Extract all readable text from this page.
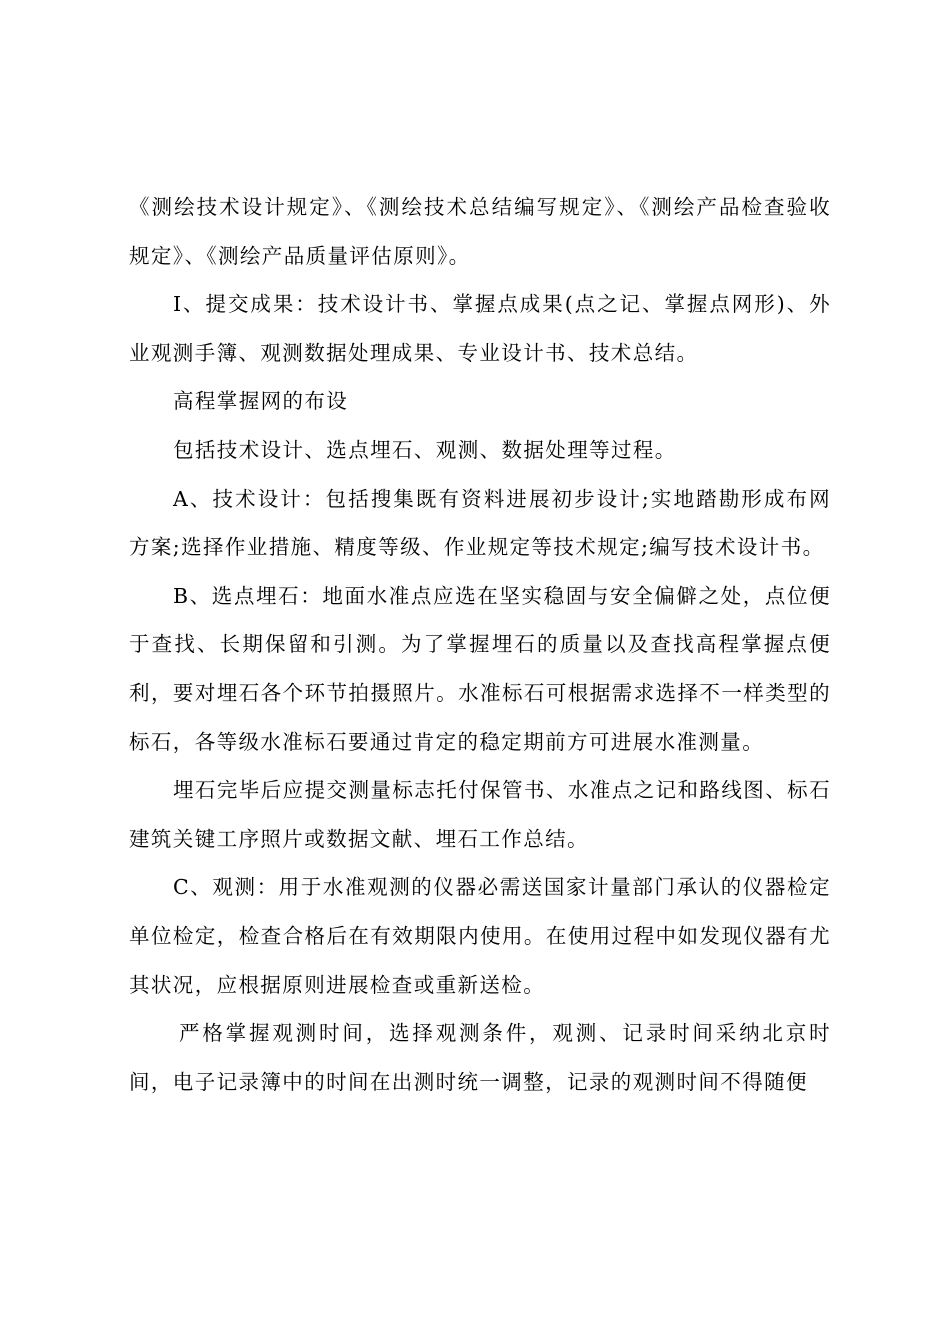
《测绘技术设计规定》、《测绘技术总结编写规定》、《测绘产品检查验收规定》、《测绘产品质量评估原则》。

I、提交成果：技术设计书、掌握点成果(点之记、掌握点网形)、外业观测手簿、观测数据处理成果、专业设计书、技术总结。

高程掌握网的布设

包括技术设计、选点埋石、观测、数据处理等过程。

A、技术设计：包括搜集既有资料进展初步设计;实地踏勘形成布网方案;选择作业措施、精度等级、作业规定等技术规定;编写技术设计书。

B、选点埋石：地面水准点应选在坚实稳固与安全偏僻之处，点位便于查找、长期保留和引测。为了掌握埋石的质量以及查找高程掌握点便利，要对埋石各个环节拍摄照片。水准标石可根据需求选择不一样类型的标石，各等级水准标石要通过肯定的稳定期前方可进展水准测量。

埋石完毕后应提交测量标志托付保管书、水准点之记和路线图、标石建筑关键工序照片或数据文献、埋石工作总结。

C、观测：用于水准观测的仪器必需送国家计量部门承认的仪器检定单位检定，检查合格后在有效期限内使用。在使用过程中如发现仪器有尤其状况，应根据原则进展检查或重新送检。

严格掌握观测时间，选择观测条件，观测、记录时间采纳北京时间，电子记录簿中的时间在出测时统一调整，记录的观测时间不得随便
